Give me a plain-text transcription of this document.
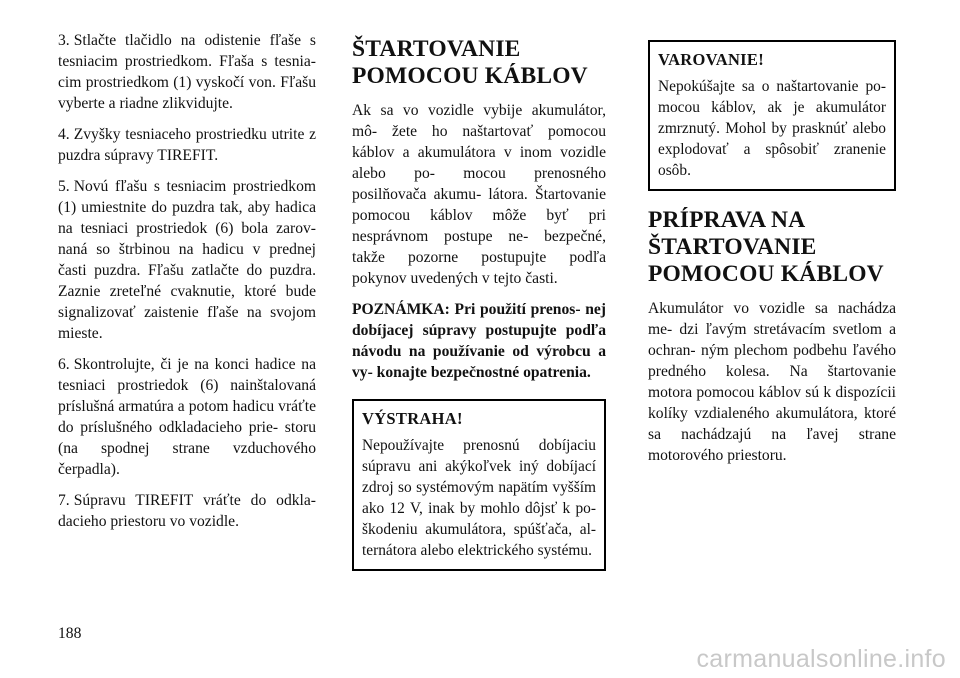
3. Stlačte tlačidlo na odistenie fľaše s tesniacim prostriedkom. Fľaša s tesnia- cim prostriedkom (1) vyskočí von. Fľašu vyberte a riadne zlikvidujte.

4. Zvyšky tesniaceho prostriedku utrite z puzdra súpravy TIREFIT.

5. Novú fľašu s tesniacim prostriedkom (1) umiestnite do puzdra tak, aby hadica na tesniaci prostriedok (6) bola zarov- naná so štrbinou na hadicu v prednej časti puzdra. Fľašu zatlačte do puzdra. Zaznie zreteľné cvaknutie, ktoré bude signalizovať zaistenie fľaše na svojom mieste.

6. Skontrolujte, či je na konci hadice na tesniaci prostriedok (6) nainštalovaná príslušná armatúra a potom hadicu vráťte do príslušného odkladacieho prie- storu (na spodnej strane vzduchového čerpadla).

7. Súpravu TIREFIT vráťte do odkla- dacieho priestoru vo vozidle.

ŠTARTOVANIE
POMOCOU KÁBLOV

Ak sa vo vozidle vybije akumulátor, mô- žete ho naštartovať pomocou káblov a akumulátora v inom vozidle alebo po- mocou prenosného posilňovača akumu- látora. Štartovanie pomocou káblov môže byť pri nesprávnom postupe ne- bezpečné, takže pozorne postupujte podľa pokynov uvedených v tejto časti.

POZNÁMKA: Pri použití prenos- nej dobíjacej súpravy postupujte podľa návodu na používanie od výrobcu a vy- konajte bezpečnostné opatrenia.

VÝSTRAHA!

Nepoužívajte prenosnú dobíjaciu súpravu ani akýkoľvek iný dobíjací zdroj so systémovým napätím vyšším ako 12 V, inak by mohlo dôjsť k po- škodeniu akumulátora, spúšťača, al- ternátora alebo elektrického systému.

VAROVANIE!

Nepokúšajte sa o naštartovanie po- mocou káblov, ak je akumulátor zmrznutý. Mohol by prasknúť alebo explodovať a spôsobiť zranenie osôb.

PRÍPRAVA NA
ŠTARTOVANIE
POMOCOU KÁBLOV

Akumulátor vo vozidle sa nachádza me- dzi ľavým stretávacím svetlom a ochran- ným plechom podbehu ľavého predného kolesa. Na štartovanie motora pomocou káblov sú k dispozícii kolíky vzdialeného akumulátora, ktoré sa nachádzajú na ľavej strane motorového priestoru.

188
carmanualsonline.info
